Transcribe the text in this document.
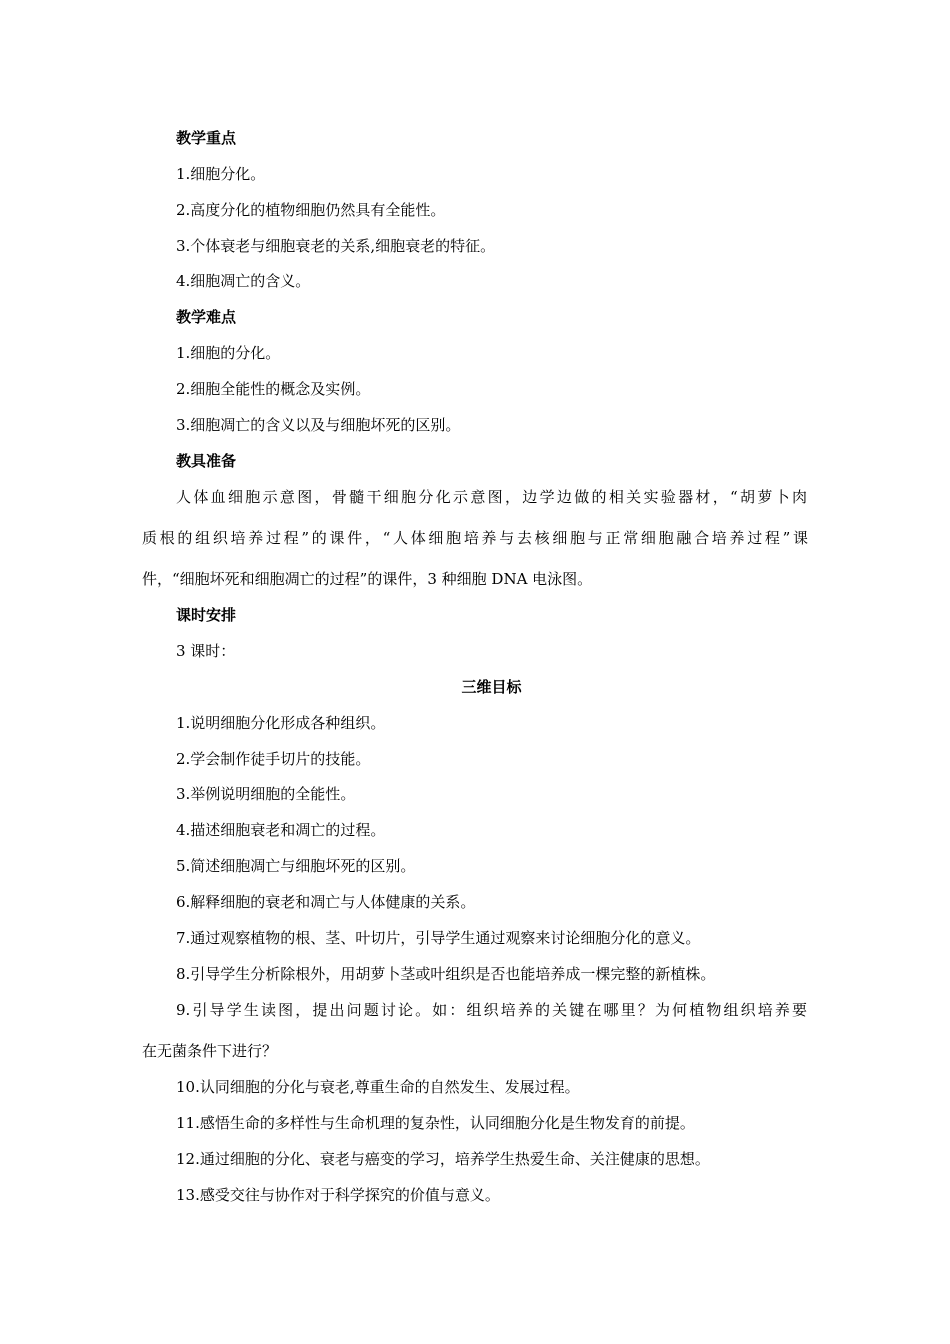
教学重点
1.细胞分化。
2.高度分化的植物细胞仍然具有全能性。
3.个体衰老与细胞衰老的关系,细胞衰老的特征。
4.细胞凋亡的含义。
教学难点
1.细胞的分化。
2.细胞全能性的概念及实例。
3.细胞凋亡的含义以及与细胞坏死的区别。
教具准备
人体血细胞示意图，骨髓干细胞分化示意图，边学边做的相关实验器材，“胡萝卜肉
质根的组织培养过程”的课件，“人体细胞培养与去核细胞与正常细胞融合培养过程”课
件，“细胞坏死和细胞凋亡的过程”的课件，3 种细胞 DNA 电泳图。
课时安排
3 课时：
三维目标
1.说明细胞分化形成各种组织。
2.学会制作徒手切片的技能。
3.举例说明细胞的全能性。
4.描述细胞衰老和凋亡的过程。
5.简述细胞凋亡与细胞坏死的区别。
6.解释细胞的衰老和凋亡与人体健康的关系。
7.通过观察植物的根、茎、叶切片，引导学生通过观察来讨论细胞分化的意义。
8.引导学生分析除根外，用胡萝卜茎或叶组织是否也能培养成一棵完整的新植株。
9.引导学生读图，提出问题讨论。如：组织培养的关键在哪里？为何植物组织培养要
在无菌条件下进行？
10.认同细胞的分化与衰老,尊重生命的自然发生、发展过程。
11.感悟生命的多样性与生命机理的复杂性，认同细胞分化是生物发育的前提。
12.通过细胞的分化、衰老与癌变的学习，培养学生热爱生命、关注健康的思想。
13.感受交往与协作对于科学探究的价值与意义。
